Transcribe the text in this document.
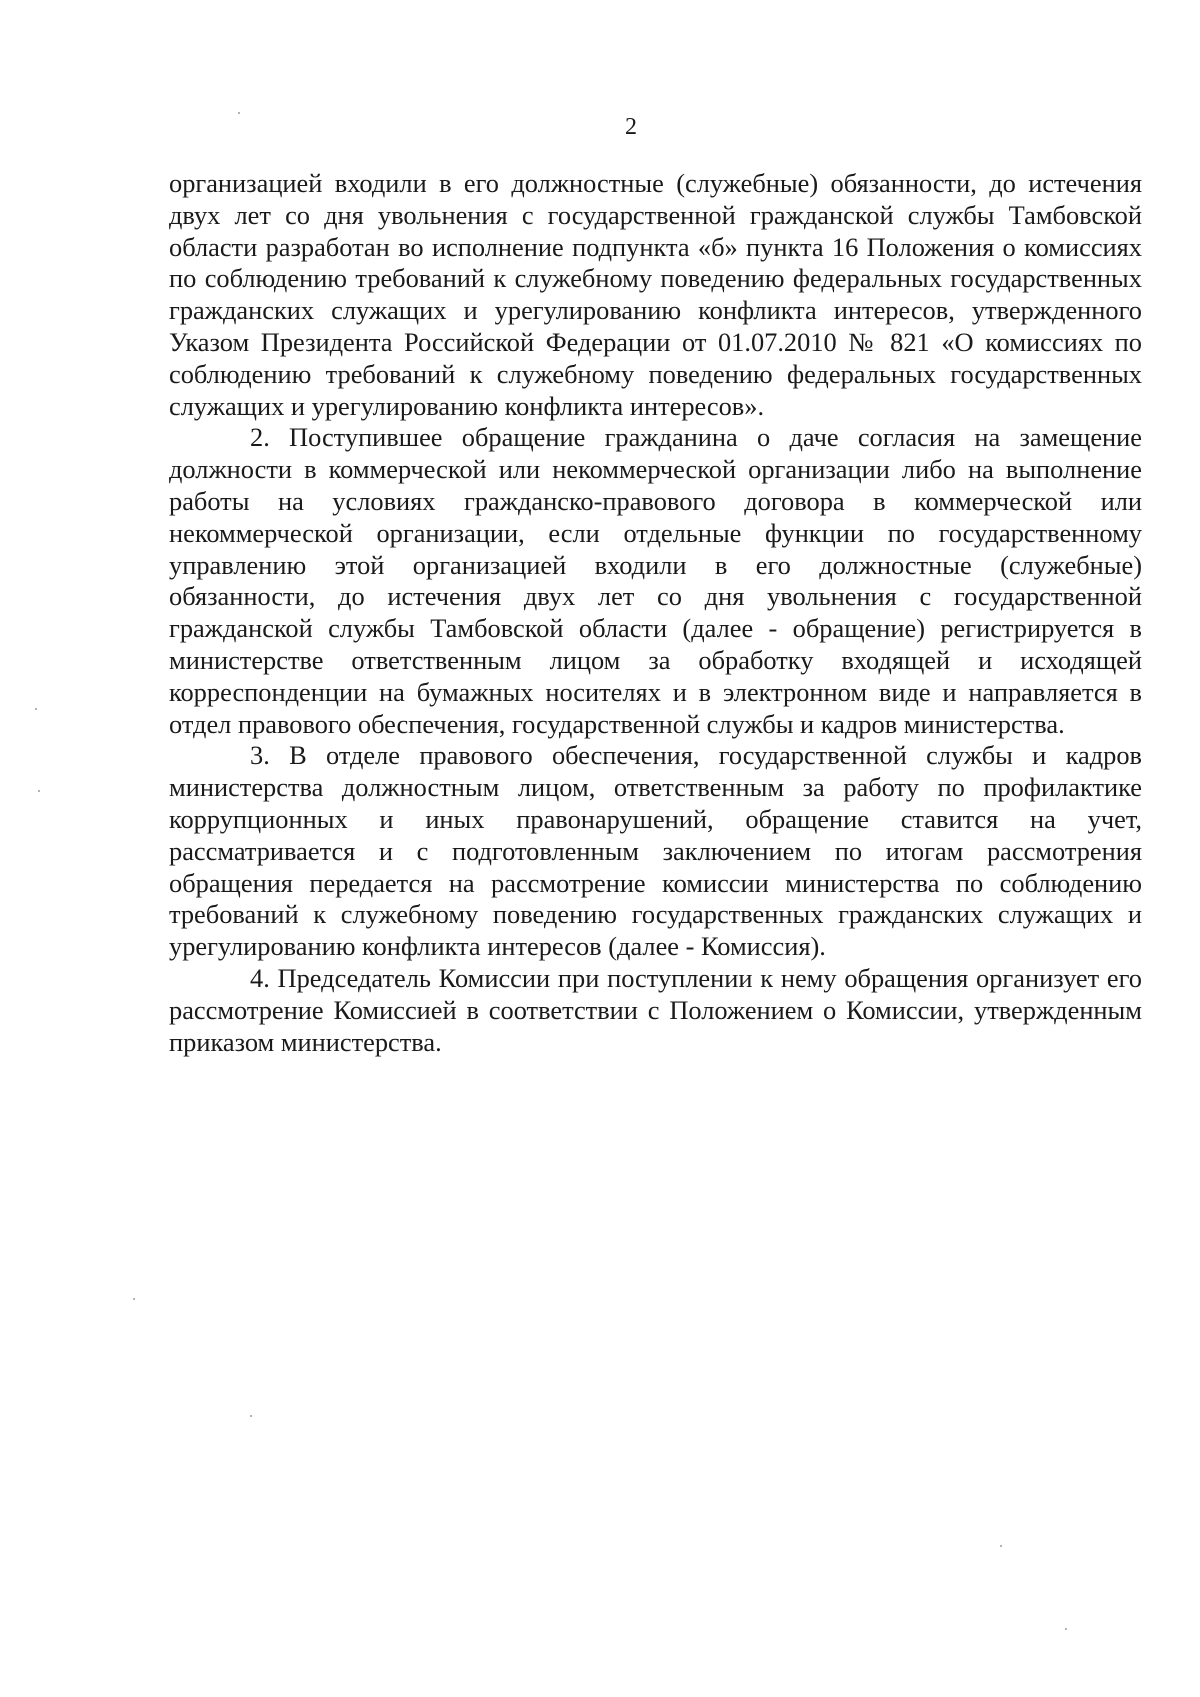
2

организацией входили в его должностные (служебные) обязанности, до истечения двух лет со дня увольнения с государственной гражданской службы Тамбовской области разработан во исполнение подпункта «б» пункта 16 Положения о комиссиях по соблюдению требований к служебному поведению федеральных государственных гражданских служащих и урегулированию конфликта интересов, утвержденного Указом Президента Российской Федерации от 01.07.2010 № 821 «О комиссиях по соблюдению требований к служебному поведению федеральных государственных служащих и урегулированию конфликта интересов».

2. Поступившее обращение гражданина о даче согласия на замещение должности в коммерческой или некоммерческой организации либо на выполнение работы на условиях гражданско-правового договора в коммерческой или некоммерческой организации, если отдельные функции по государственному управлению этой организацией входили в его должностные (служебные) обязанности, до истечения двух лет со дня увольнения с государственной гражданской службы Тамбовской области (далее - обращение) регистрируется в министерстве ответственным лицом за обработку входящей и исходящей корреспонденции на бумажных носителях и в электронном виде и направляется в отдел правового обеспечения, государственной службы и кадров министерства.

3. В отделе правового обеспечения, государственной службы и кадров министерства должностным лицом, ответственным за работу по профилактике коррупционных и иных правонарушений, обращение ставится на учет, рассматривается и с подготовленным заключением по итогам рассмотрения обращения передается на рассмотрение комиссии министерства по соблюдению требований к служебному поведению государственных гражданских служащих и урегулированию конфликта интересов (далее - Комиссия).

4. Председатель Комиссии при поступлении к нему обращения организует его рассмотрение Комиссией в соответствии с Положением о Комиссии, утвержденным приказом министерства.
